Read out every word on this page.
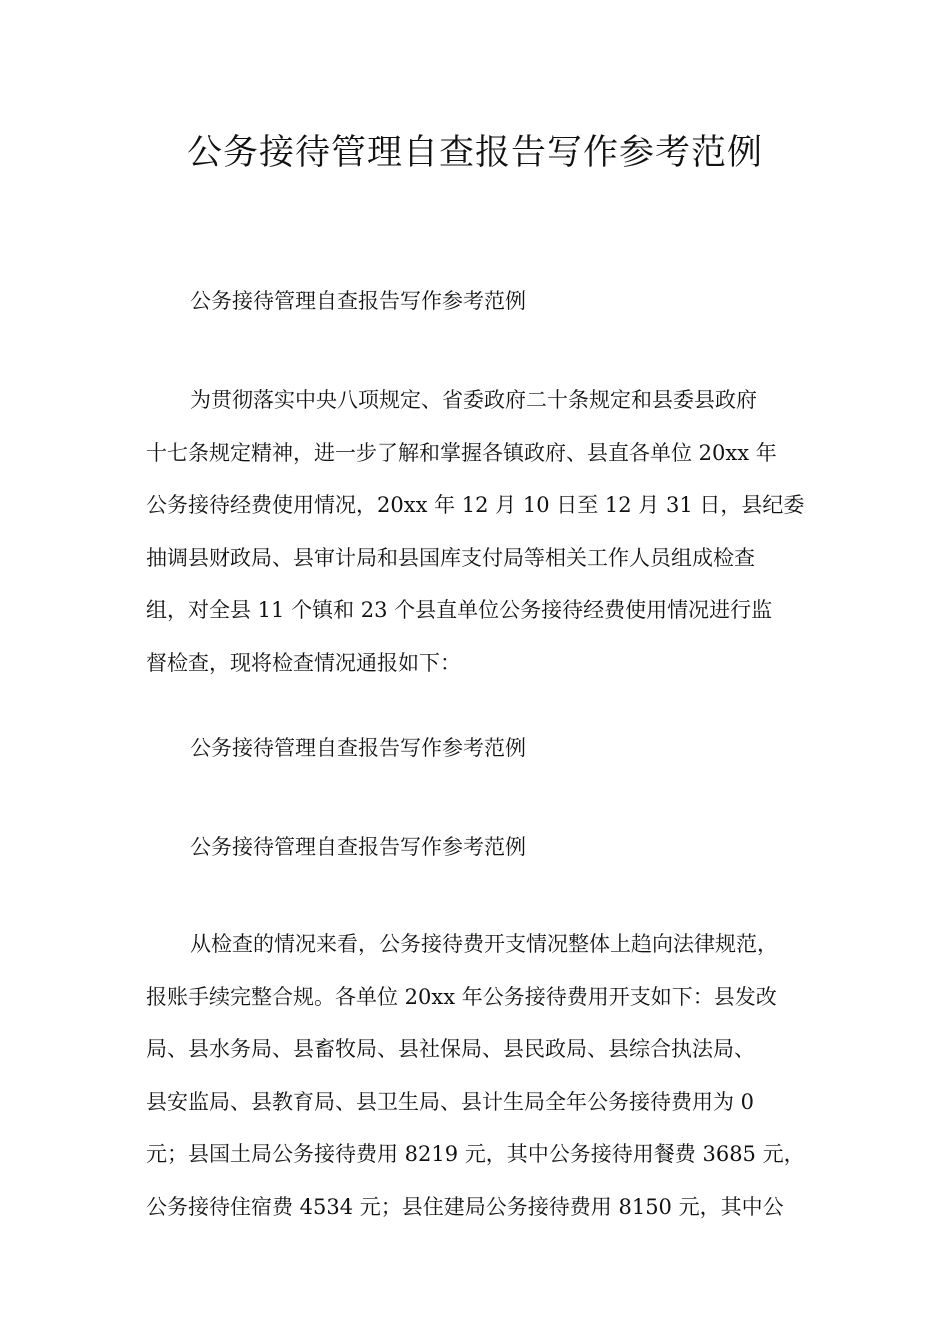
公务接待管理自查报告写作参考范例
公务接待管理自查报告写作参考范例
为贯彻落实中央八项规定、省委政府二十条规定和县委县政府
十七条规定精神，进一步了解和掌握各镇政府、县直各单位 20xx 年
公务接待经费使用情况，20xx 年 12 月 10 日至 12 月 31 日，县纪委
抽调县财政局、县审计局和县国库支付局等相关工作人员组成检查
组，对全县 11 个镇和 23 个县直单位公务接待经费使用情况进行监
督检查，现将检查情况通报如下：
公务接待管理自查报告写作参考范例
公务接待管理自查报告写作参考范例
从检查的情况来看，公务接待费开支情况整体上趋向法律规范，
报账手续完整合规。各单位 20xx 年公务接待费用开支如下：县发改
局、县水务局、县畜牧局、县社保局、县民政局、县综合执法局、
县安监局、县教育局、县卫生局、县计生局全年公务接待费用为 0
元；县国土局公务接待费用 8219 元，其中公务接待用餐费 3685 元，
公务接待住宿费 4534 元；县住建局公务接待费用 8150 元，其中公
